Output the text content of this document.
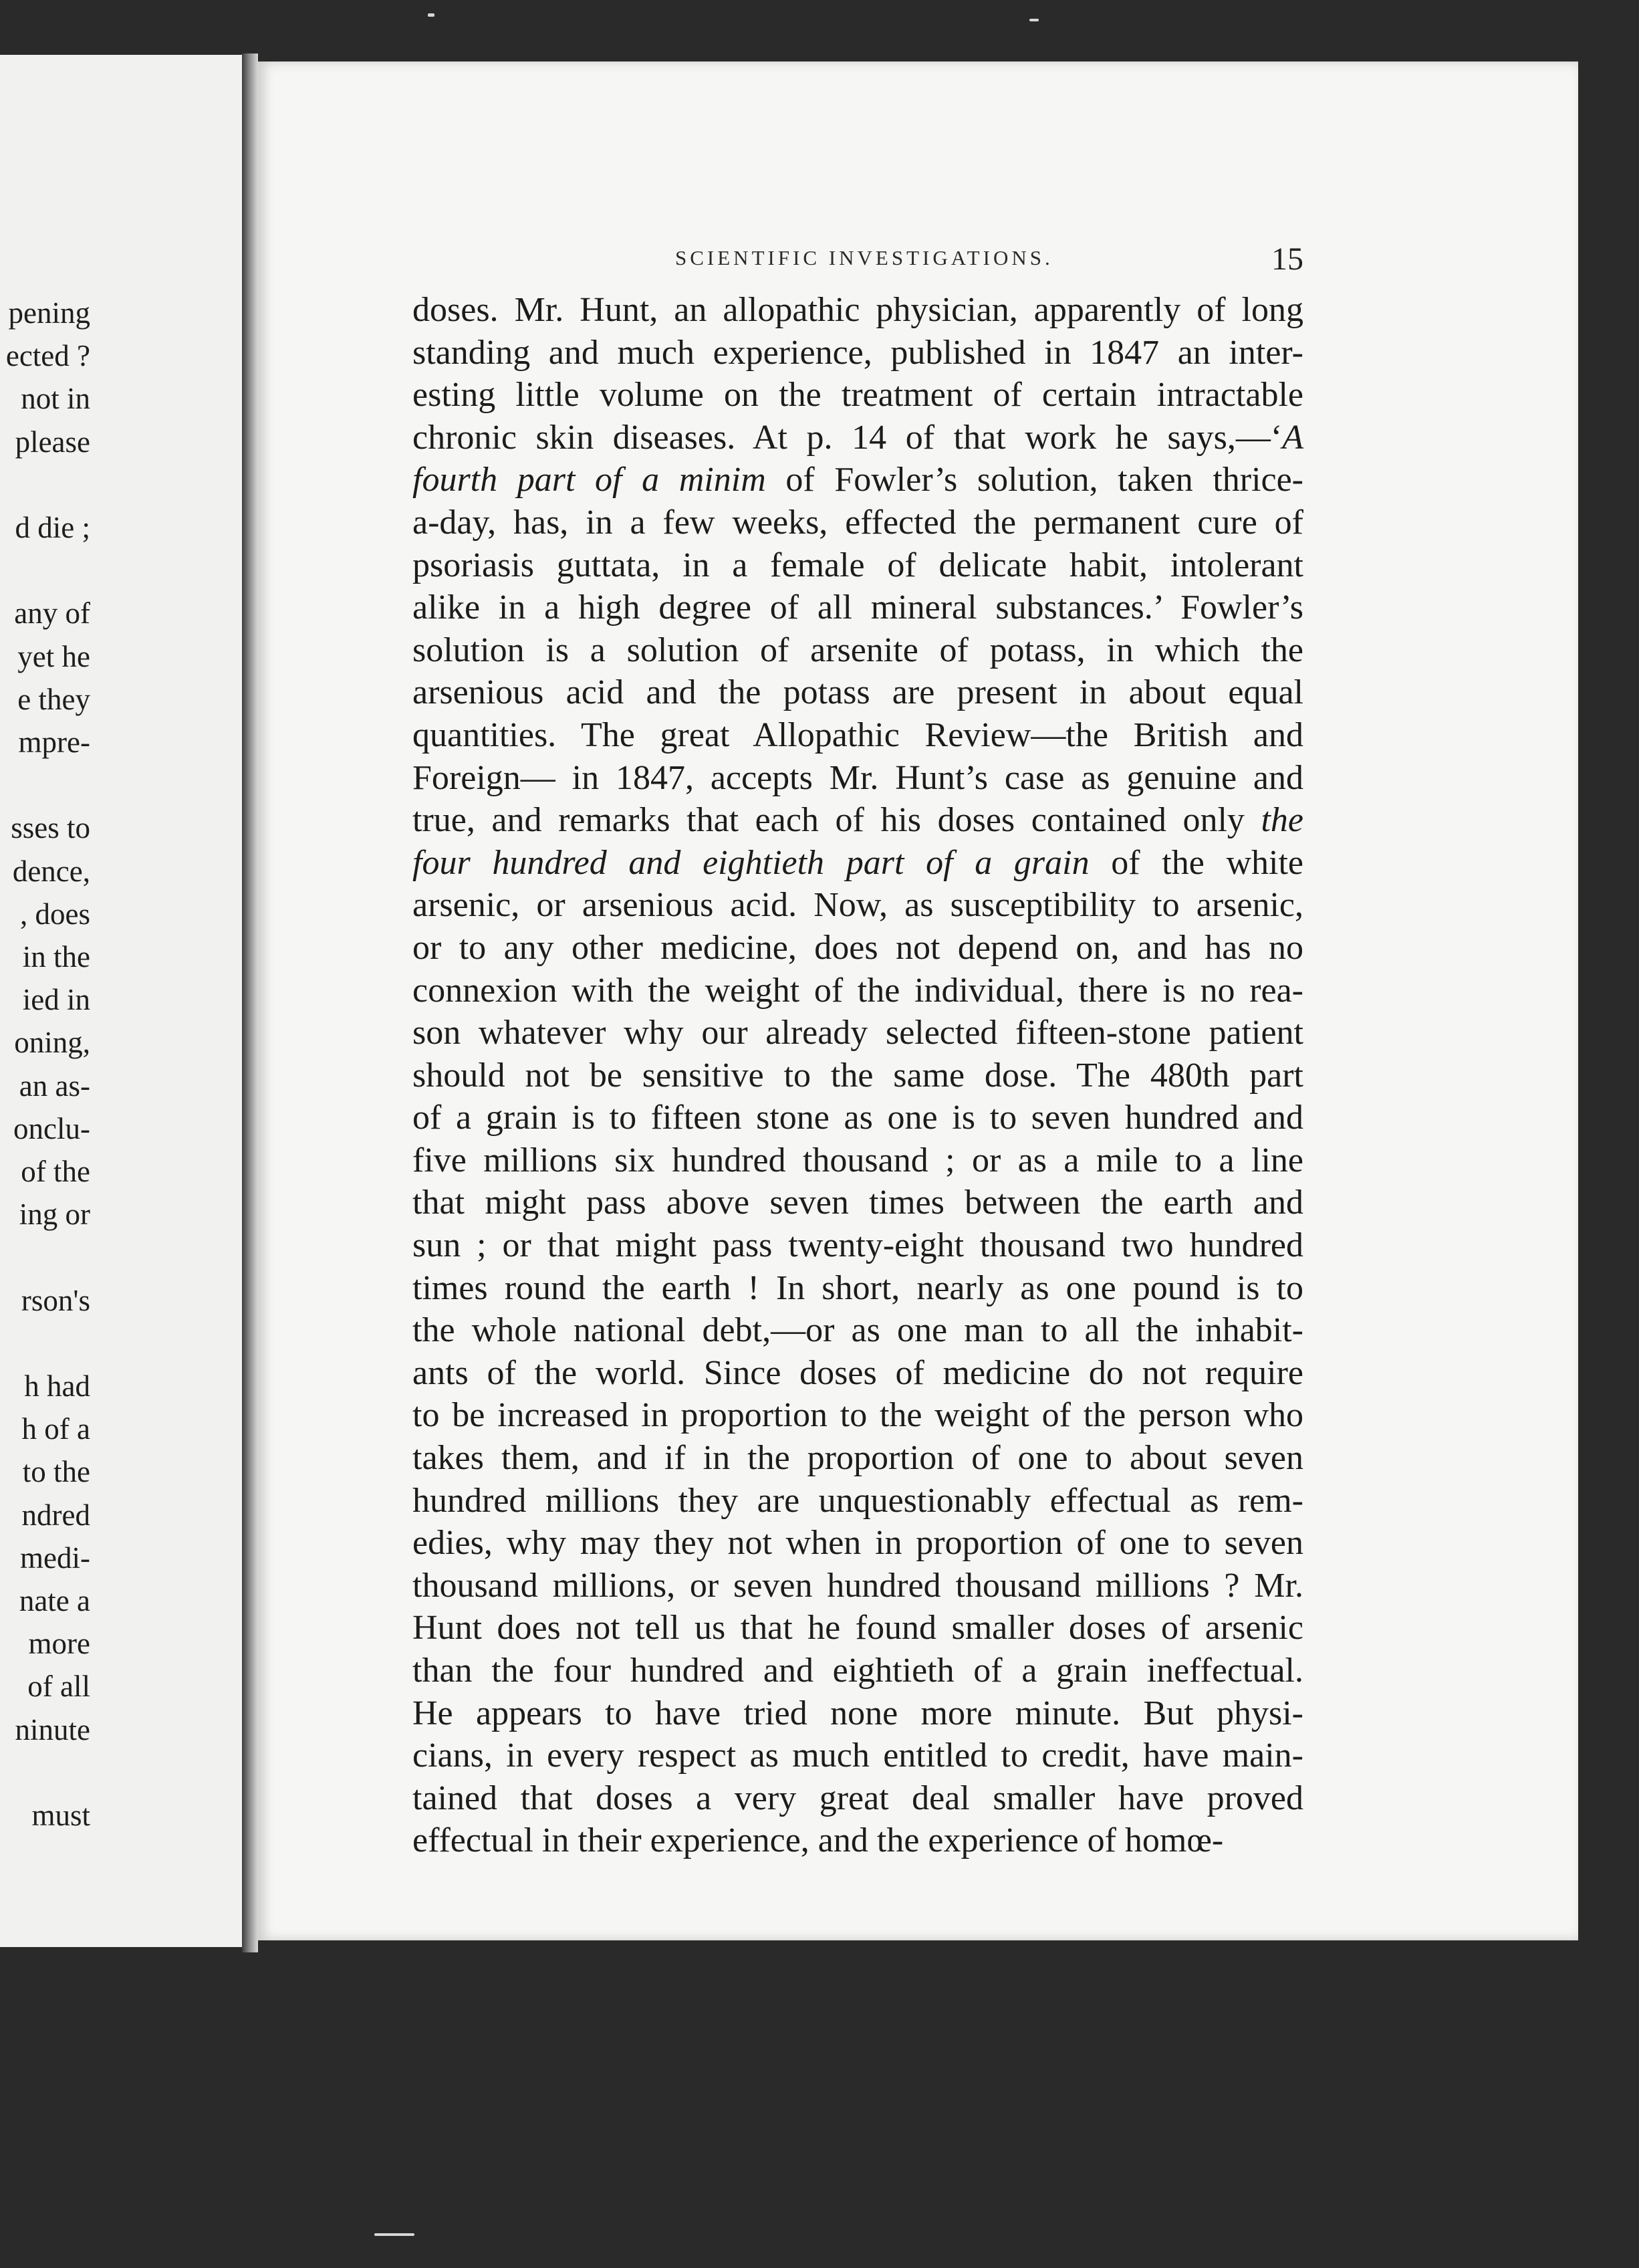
pening
ected ?
not in
please
d die ;
any of
yet he
e they
mpre-
sses to
dence,
, does
in the
ied in
oning,
an as-
onclu-
of the
ing or
rson's
h had
h of a
to the
ndred
medi-
nate a
more
of all
ninute
must
SCIENTIFIC INVESTIGATIONS.	15
doses. Mr. Hunt, an allopathic physician, apparently of long
standing and much experience, published in 1847 an inter-
esting little volume on the treatment of certain intractable
chronic skin diseases. At p. 14 of that work he says,—‘A
fourth part of a minim of Fowler’s solution, taken thrice-
a-day, has, in a few weeks, effected the permanent cure of
psoriasis guttata, in a female of delicate habit, intolerant
alike in a high degree of all mineral substances.’ Fowler’s
solution is a solution of arsenite of potass, in which the
arsenious acid and the potass are present in about equal
quantities. The great Allopathic Review—the British and
Foreign— in 1847, accepts Mr. Hunt’s case as genuine and
true, and remarks that each of his doses contained only the
four hundred and eightieth part of a grain of the white
arsenic, or arsenious acid. Now, as susceptibility to arsenic,
or to any other medicine, does not depend on, and has no
connexion with the weight of the individual, there is no rea-
son whatever why our already selected fifteen-stone patient
should not be sensitive to the same dose. The 480th part
of a grain is to fifteen stone as one is to seven hundred and
five millions six hundred thousand ; or as a mile to a line
that might pass above seven times between the earth and
sun ; or that might pass twenty-eight thousand two hundred
times round the earth ! In short, nearly as one pound is to
the whole national debt,—or as one man to all the inhabit-
ants of the world. Since doses of medicine do not require
to be increased in proportion to the weight of the person who
takes them, and if in the proportion of one to about seven
hundred millions they are unquestionably effectual as rem-
edies, why may they not when in proportion of one to seven
thousand millions, or seven hundred thousand millions ? Mr.
Hunt does not tell us that he found smaller doses of arsenic
than the four hundred and eightieth of a grain ineffectual.
He appears to have tried none more minute. But physi-
cians, in every respect as much entitled to credit, have main-
tained that doses a very great deal smaller have proved
effectual in their experience, and the experience of homœ-
